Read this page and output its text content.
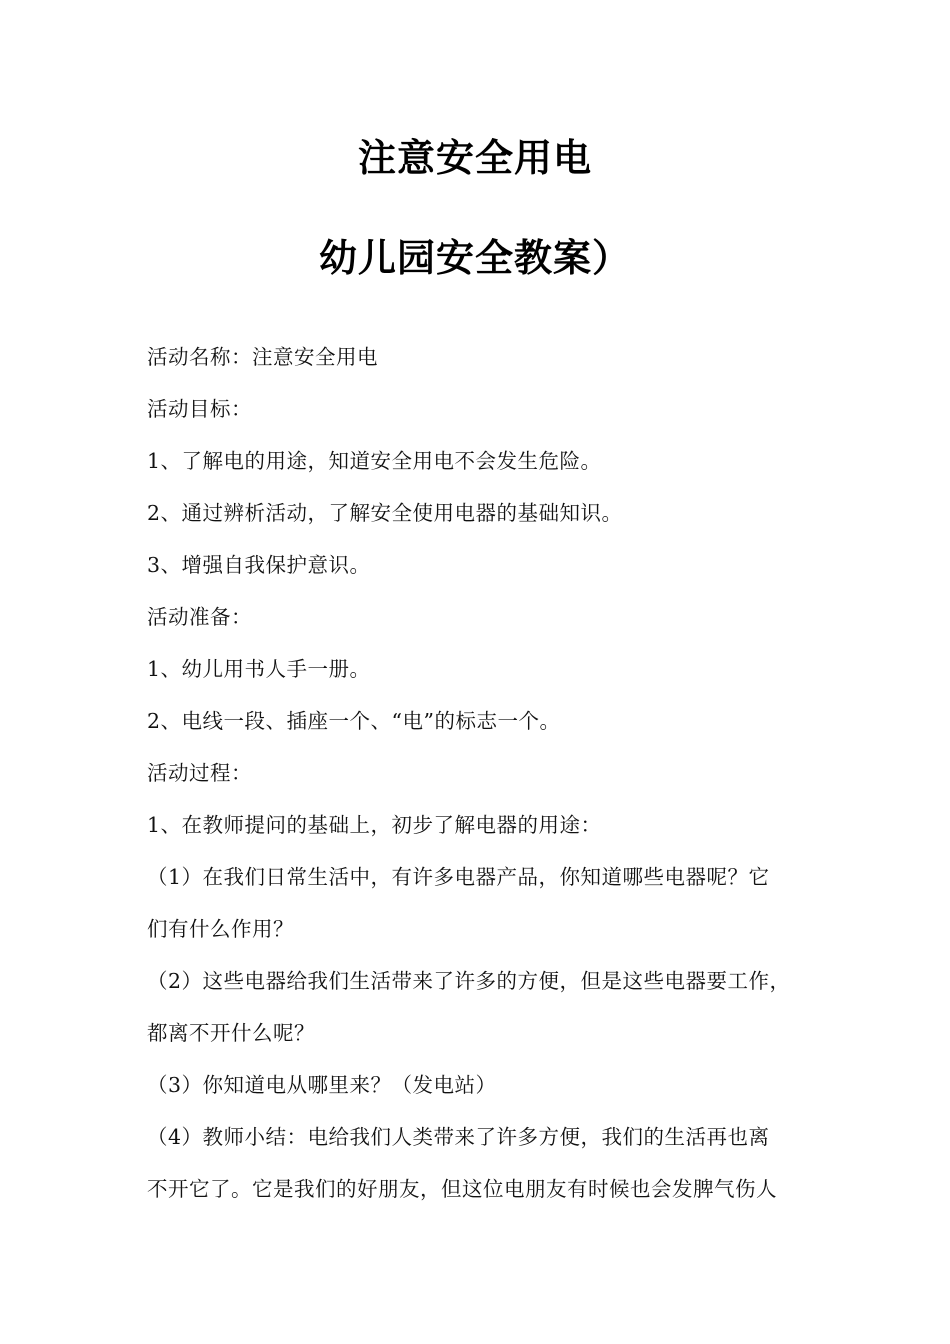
注意安全用电
幼儿园安全教案）
活动名称：注意安全用电
活动目标：
1、了解电的用途，知道安全用电不会发生危险。
2、通过辨析活动，了解安全使用电器的基础知识。
3、增强自我保护意识。
活动准备：
1、幼儿用书人手一册。
2、电线一段、插座一个、“电”的标志一个。
活动过程：
1、在教师提问的基础上，初步了解电器的用途：
（1）在我们日常生活中，有许多电器产品，你知道哪些电器呢？它
们有什么作用？
（2）这些电器给我们生活带来了许多的方便，但是这些电器要工作，
都离不开什么呢？
（3）你知道电从哪里来？（发电站）
（4）教师小结：电给我们人类带来了许多方便，我们的生活再也离
不开它了。它是我们的好朋友，但这位电朋友有时候也会发脾气伤人
